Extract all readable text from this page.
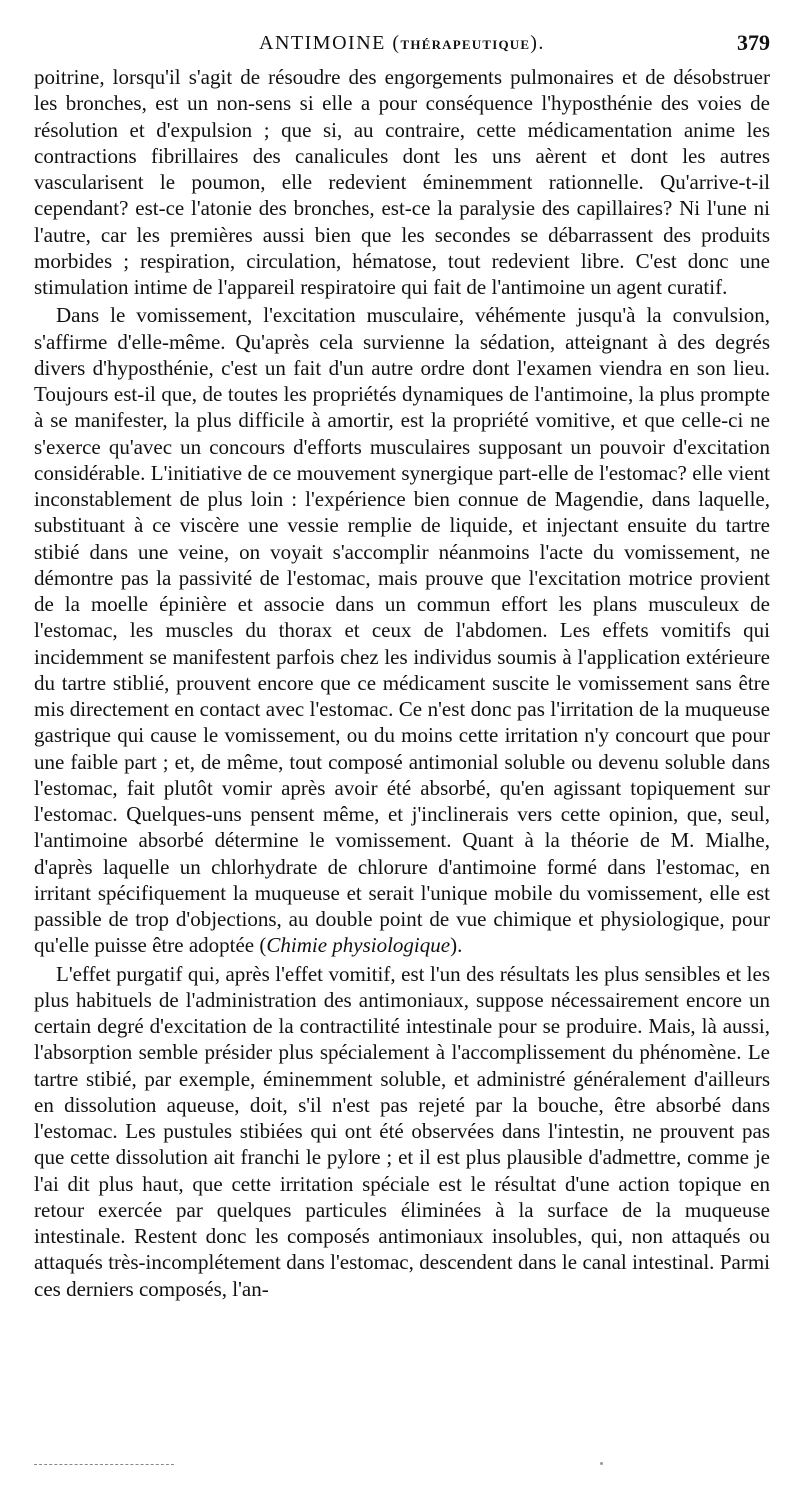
ANTIMOINE (THÉRAPEUTIQUE).	379

poitrine, lorsqu'il s'agit de résoudre des engorgements pulmonaires et de désobstruer les bronches, est un non-sens si elle a pour conséquence l'hyposthénie des voies de résolution et d'expulsion ; que si, au contraire, cette médicamentation anime les contractions fibrillaires des canalicules dont les uns aèrent et dont les autres vascularisent le poumon, elle redevient éminemment rationnelle. Qu'arrive-t-il cependant? est-ce l'atonie des bronches, est-ce la paralysie des capillaires? Ni l'une ni l'autre, car les premières aussi bien que les secondes se débarrassent des produits morbides ; respiration, circulation, hématose, tout redevient libre. C'est donc une stimulation intime de l'appareil respiratoire qui fait de l'antimoine un agent curatif.

Dans le vomissement, l'excitation musculaire, véhémente jusqu'à la convulsion, s'affirme d'elle-même. Qu'après cela survienne la sédation, atteignant à des degrés divers d'hyposthénie, c'est un fait d'un autre ordre dont l'examen viendra en son lieu. Toujours est-il que, de toutes les propriétés dynamiques de l'antimoine, la plus prompte à se manifester, la plus difficile à amortir, est la propriété vomitive, et que celle-ci ne s'exerce qu'avec un concours d'efforts musculaires supposant un pouvoir d'excitation considérable. L'initiative de ce mouvement synergique part-elle de l'estomac? elle vient inconstablement de plus loin : l'expérience bien connue de Magendie, dans laquelle, substituant à ce viscère une vessie remplie de liquide, et injectant ensuite du tartre stibié dans une veine, on voyait s'accomplir néanmoins l'acte du vomissement, ne démontre pas la passivité de l'estomac, mais prouve que l'excitation motrice provient de la moelle épinière et associe dans un commun effort les plans musculeux de l'estomac, les muscles du thorax et ceux de l'abdomen. Les effets vomitifs qui incidemment se manifestent parfois chez les individus soumis à l'application extérieure du tartre stiblié, prouvent encore que ce médicament suscite le vomissement sans être mis directement en contact avec l'estomac. Ce n'est donc pas l'irritation de la muqueuse gastrique qui cause le vomissement, ou du moins cette irritation n'y concourt que pour une faible part ; et, de même, tout composé antimonial soluble ou devenu soluble dans l'estomac, fait plutôt vomir après avoir été absorbé, qu'en agissant topiquement sur l'estomac. Quelques-uns pensent même, et j'inclinerais vers cette opinion, que, seul, l'antimoine absorbé détermine le vomissement. Quant à la théorie de M. Mialhe, d'après laquelle un chlorhydrate de chlorure d'antimoine formé dans l'estomac, en irritant spécifiquement la muqueuse et serait l'unique mobile du vomissement, elle est passible de trop d'objections, au double point de vue chimique et physiologique, pour qu'elle puisse être adoptée (Chimie physiologique).

L'effet purgatif qui, après l'effet vomitif, est l'un des résultats les plus sensibles et les plus habituels de l'administration des antimoniaux, suppose nécessairement encore un certain degré d'excitation de la contractilité intestinale pour se produire. Mais, là aussi, l'absorption semble présider plus spécialement à l'accomplissement du phénomène. Le tartre stibié, par exemple, éminemment soluble, et administré généralement d'ailleurs en dissolution aqueuse, doit, s'il n'est pas rejeté par la bouche, être absorbé dans l'estomac. Les pustules stibiées qui ont été observées dans l'intestin, ne prouvent pas que cette dissolution ait franchi le pylore ; et il est plus plausible d'admettre, comme je l'ai dit plus haut, que cette irritation spéciale est le résultat d'une action topique en retour exercée par quelques particules éliminées à la surface de la muqueuse intestinale. Restent donc les composés antimoniaux insolubles, qui, non attaqués ou attaqués très-incomplétement dans l'estomac, descendent dans le canal intestinal. Parmi ces derniers composés, l'an-
